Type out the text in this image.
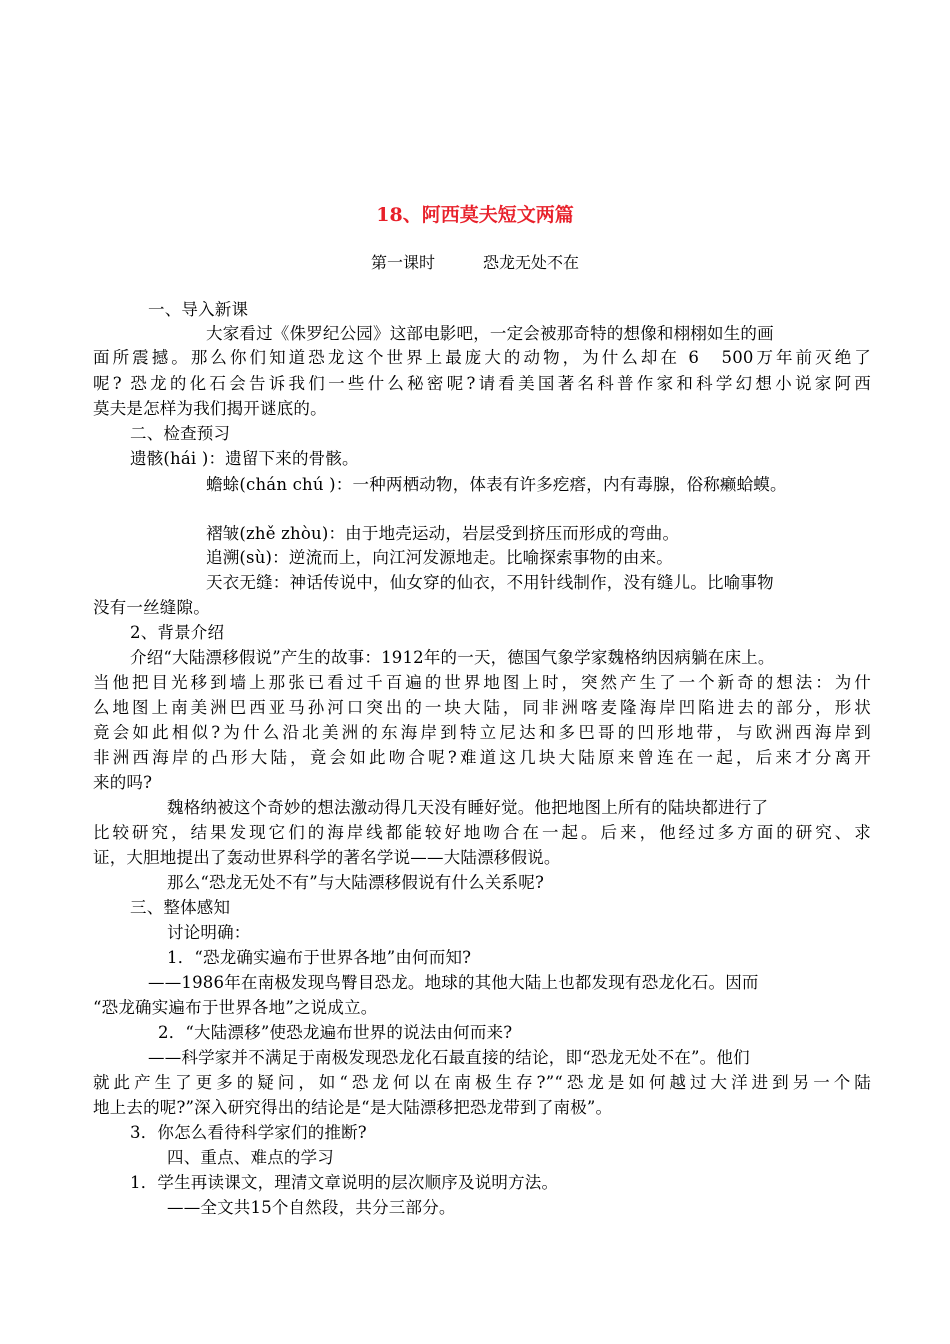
18、阿西莫夫短文两篇
第一课时	恐龙无处不在
一、导入新课
大家看过《侏罗纪公园》这部电影吧，一定会被那奇特的想像和栩栩如生的画
面所震撼。那么你们知道恐龙这个世界上最庞大的动物，为什么却在 6　500万年前灭绝了
呢? 恐龙的化石会告诉我们一些什么秘密呢?请看美国著名科普作家和科学幻想小说家阿西
莫夫是怎样为我们揭开谜底的。
二、检查预习
遗骸(hái )：遗留下来的骨骸。
蟾蜍(chán chú )：一种两栖动物，体表有许多疙瘩，内有毒腺，俗称癞蛤蟆。
褶皱(zhě zhòu)：由于地壳运动，岩层受到挤压而形成的弯曲。
追溯(sù)：逆流而上，向江河发源地走。比喻探索事物的由来。
天衣无缝：神话传说中，仙女穿的仙衣，不用针线制作，没有缝儿。比喻事物
没有一丝缝隙。
2、背景介绍
介绍“大陆漂移假说”产生的故事：1912年的一天，德国气象学家魏格纳因病躺在床上。
当他把目光移到墙上那张已看过千百遍的世界地图上时，突然产生了一个新奇的想法：为什
么地图上南美洲巴西亚马孙河口突出的一块大陆，同非洲喀麦隆海岸凹陷进去的部分，形状
竟会如此相似?为什么沿北美洲的东海岸到特立尼达和多巴哥的凹形地带，与欧洲西海岸到
非洲西海岸的凸形大陆，竟会如此吻合呢?难道这几块大陆原来曾连在一起，后来才分离开
来的吗?
魏格纳被这个奇妙的想法激动得几天没有睡好觉。他把地图上所有的陆块都进行了
比较研究，结果发现它们的海岸线都能较好地吻合在一起。后来，他经过多方面的研究、求
证，大胆地提出了轰动世界科学的著名学说——大陆漂移假说。
那么“恐龙无处不有”与大陆漂移假说有什么关系呢?
三、整体感知
讨论明确：
1．“恐龙确实遍布于世界各地”由何而知?
——1986年在南极发现鸟臀目恐龙。地球的其他大陆上也都发现有恐龙化石。因而
“恐龙确实遍布于世界各地”之说成立。
2．“大陆漂移”使恐龙遍布世界的说法由何而来?
——科学家并不满足于南极发现恐龙化石最直接的结论，即“恐龙无处不在”。他们
就此产生了更多的疑问，如“恐龙何以在南极生存?”“恐龙是如何越过大洋进到另一个陆
地上去的呢?”深入研究得出的结论是“是大陆漂移把恐龙带到了南极”。
3．你怎么看待科学家们的推断?
四、重点、难点的学习
1．学生再读课文，理清文章说明的层次顺序及说明方法。
——全文共15个自然段，共分三部分。
